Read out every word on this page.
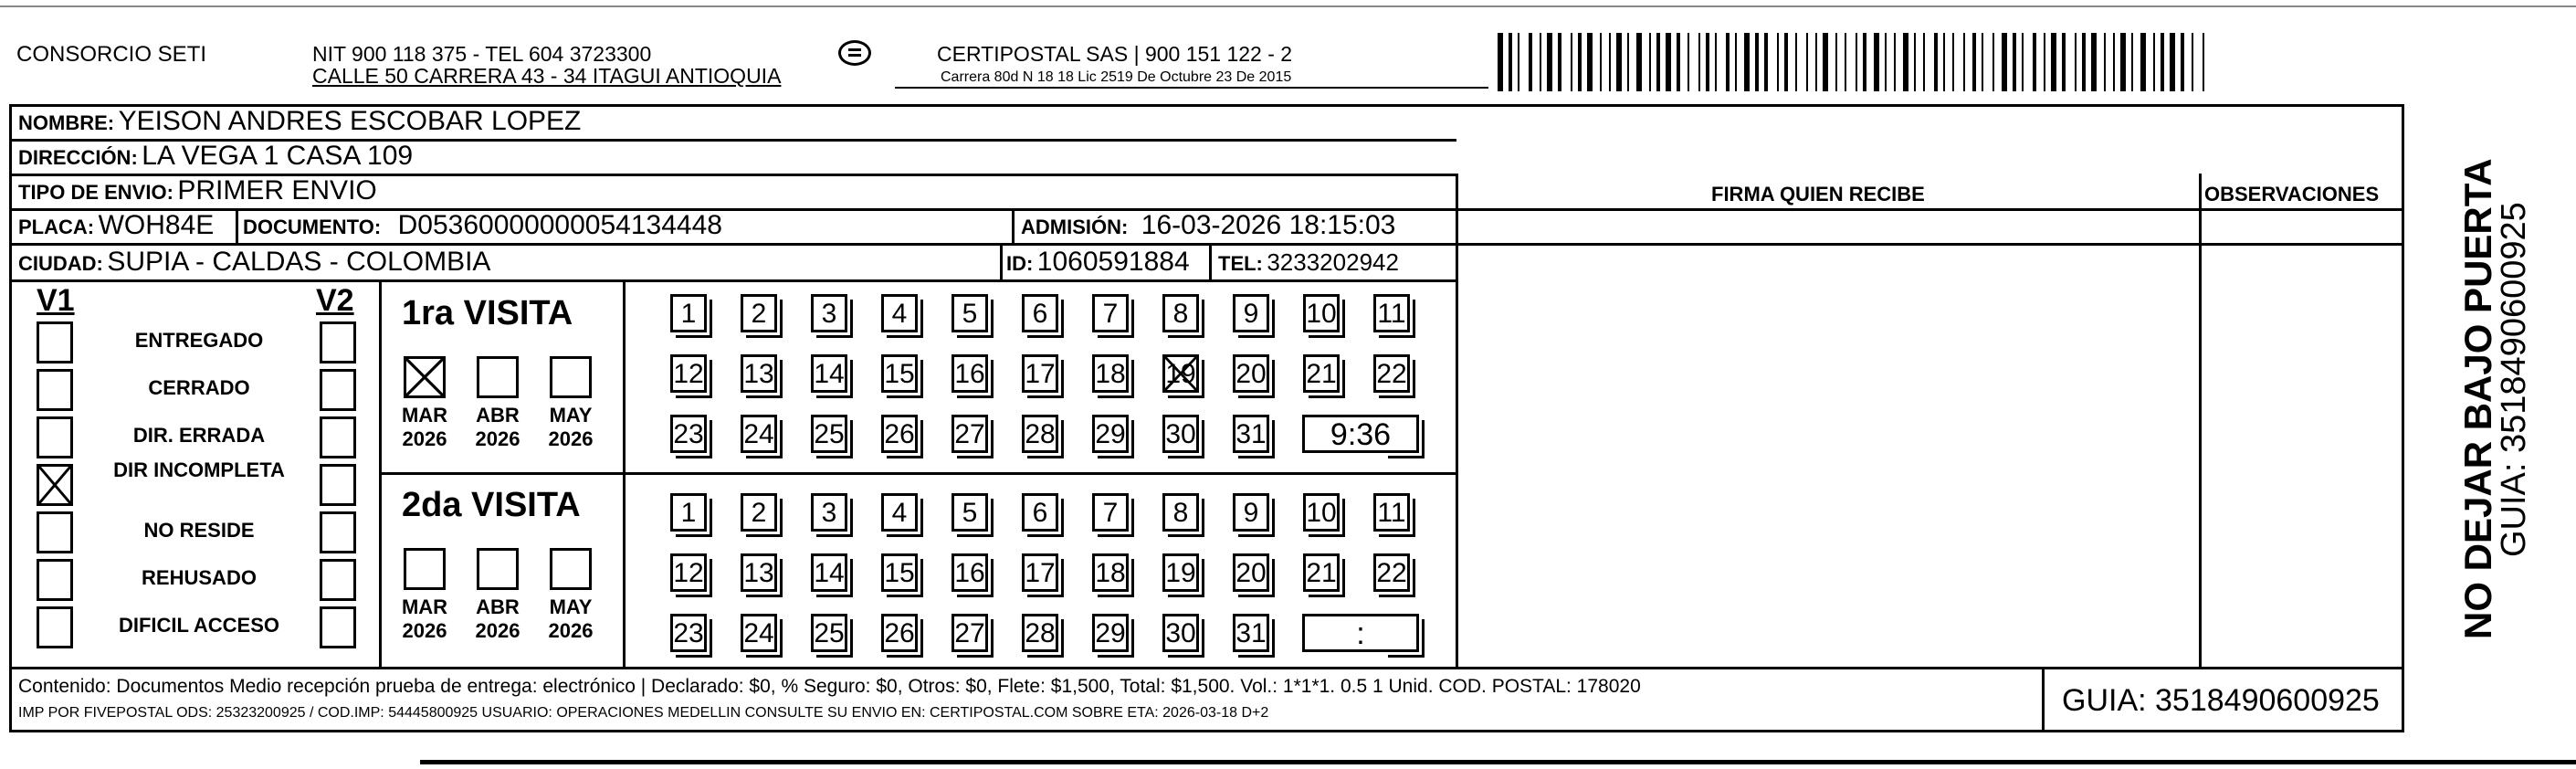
CONSORCIO SETI	NIT 900 118 375 - TEL 604 3723300
CALLE 50 CARRERA 43 - 34 ITAGUI ANTIOQUIA
CERTIPOSTAL SAS | 900 151 122 - 2
Carrera 80d N 18 18 Lic 2519 De Octubre 23 De 2015
NOMBRE: YEISON ANDRES ESCOBAR LOPEZ
DIRECCIÓN: LA VEGA 1 CASA 109
TIPO DE ENVIO: PRIMER ENVIO	FIRMA QUIEN RECIBE	OBSERVACIONES
PLACA: WOH84E DOCUMENTO: D05360000000054134448	ADMISIÓN: 16-03-2026 18:15:03
CIUDAD: SUPIA - CALDAS - COLOMBIA	ID: 1060591884 TEL: 3233202942
V1	V2
ENTREGADO
CERRADO
DIR. ERRADA
DIR INCOMPLETA
NO RESIDE
REHUSADO
DIFICIL ACCESO
1ra VISITA
MAR
2026
ABR
2026
MAY
2026
1	2	3	4	5	6	7	8	9	10 11
12 13 14 15 16 17 18 19 20 21 22
23 24 25 26 27 28 29 30 31	9:36
2da VISITA
MAR
2026
ABR
2026
MAY
2026
1	2	3	4	5	6	7	8	9	10 11
12 13 14 15 16 17 18 19 20 21 22
23 24 25 26 27 28 29 30 31	:
Contenido: Documentos Medio recepción prueba de entrega: electrónico | Declarado: $0, % Seguro: $0, Otros: $0, Flete: $1,500, Total: $1,500. Vol.: 1*1*1. 0.5 1 Unid. COD. POSTAL: 178020
IMP POR FIVEPOSTAL ODS: 25323200925 / COD.IMP: 54445800925 USUARIO: OPERACIONES MEDELLIN CONSULTE SU ENVIO EN: CERTIPOSTAL.COM SOBRE ETA: 2026-03-18 D+2	GUIA: 3518490600925
NO DEJAR BAJO PUERTA
GUIA: 3518490600925
